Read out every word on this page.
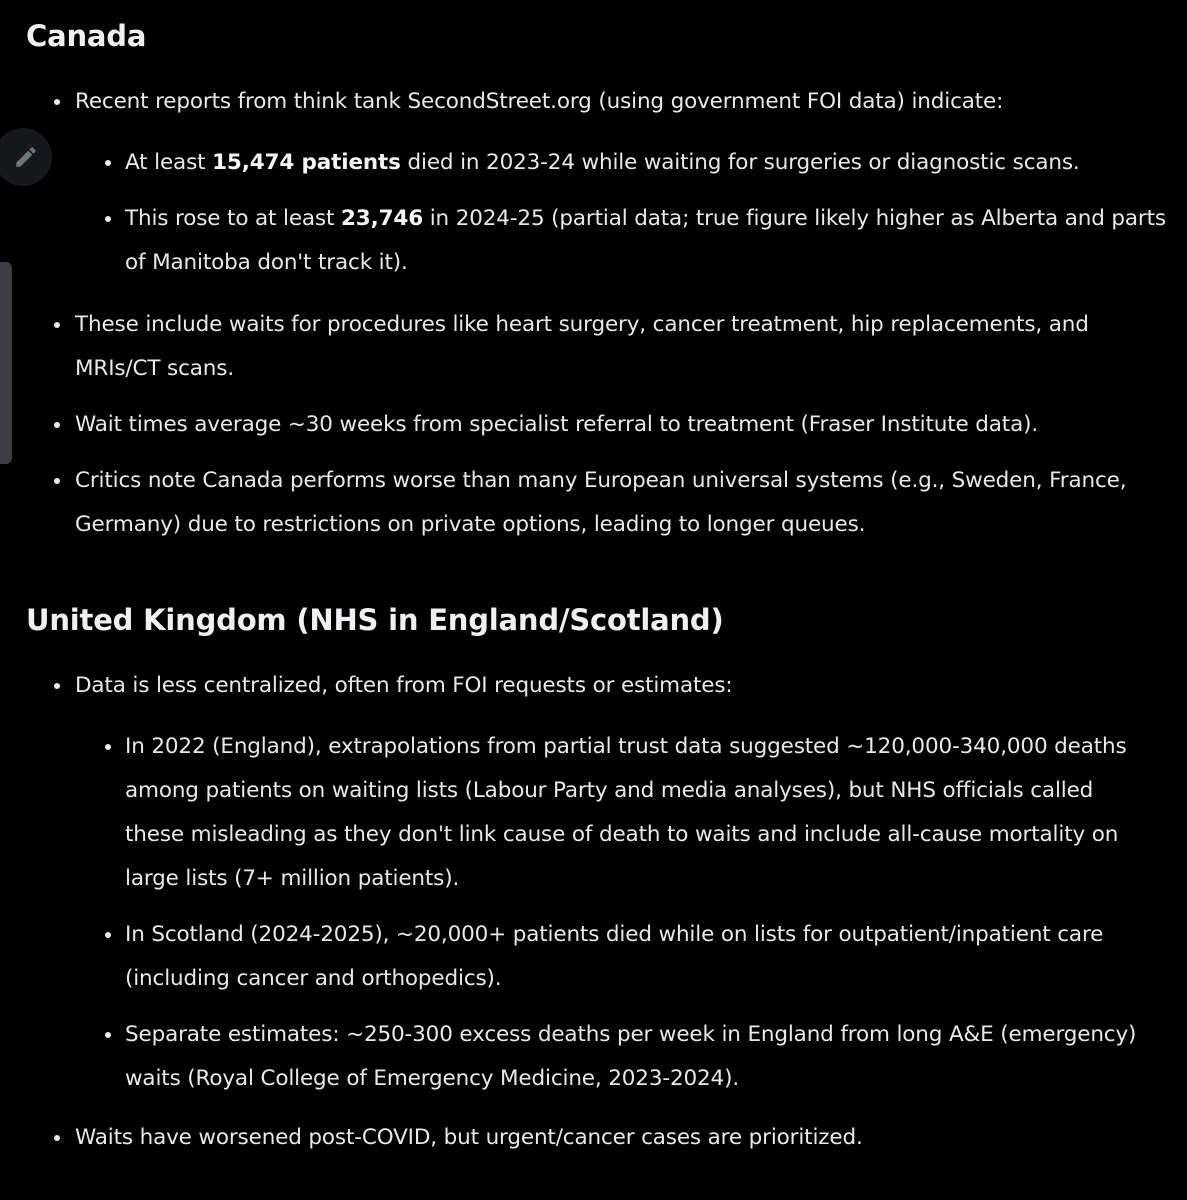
Canada
Recent reports from think tank SecondStreet.org (using government FOI data) indicate:
At least 15,474 patients died in 2023-24 while waiting for surgeries or diagnostic scans.
This rose to at least 23,746 in 2024-25 (partial data; true figure likely higher as Alberta and parts of Manitoba don't track it).
These include waits for procedures like heart surgery, cancer treatment, hip replacements, and MRIs/CT scans.
Wait times average ~30 weeks from specialist referral to treatment (Fraser Institute data).
Critics note Canada performs worse than many European universal systems (e.g., Sweden, France, Germany) due to restrictions on private options, leading to longer queues.
United Kingdom (NHS in England/Scotland)
Data is less centralized, often from FOI requests or estimates:
In 2022 (England), extrapolations from partial trust data suggested ~120,000-340,000 deaths among patients on waiting lists (Labour Party and media analyses), but NHS officials called these misleading as they don't link cause of death to waits and include all-cause mortality on large lists (7+ million patients).
In Scotland (2024-2025), ~20,000+ patients died while on lists for outpatient/inpatient care (including cancer and orthopedics).
Separate estimates: ~250-300 excess deaths per week in England from long A&E (emergency) waits (Royal College of Emergency Medicine, 2023-2024).
Waits have worsened post-COVID, but urgent/cancer cases are prioritized.
